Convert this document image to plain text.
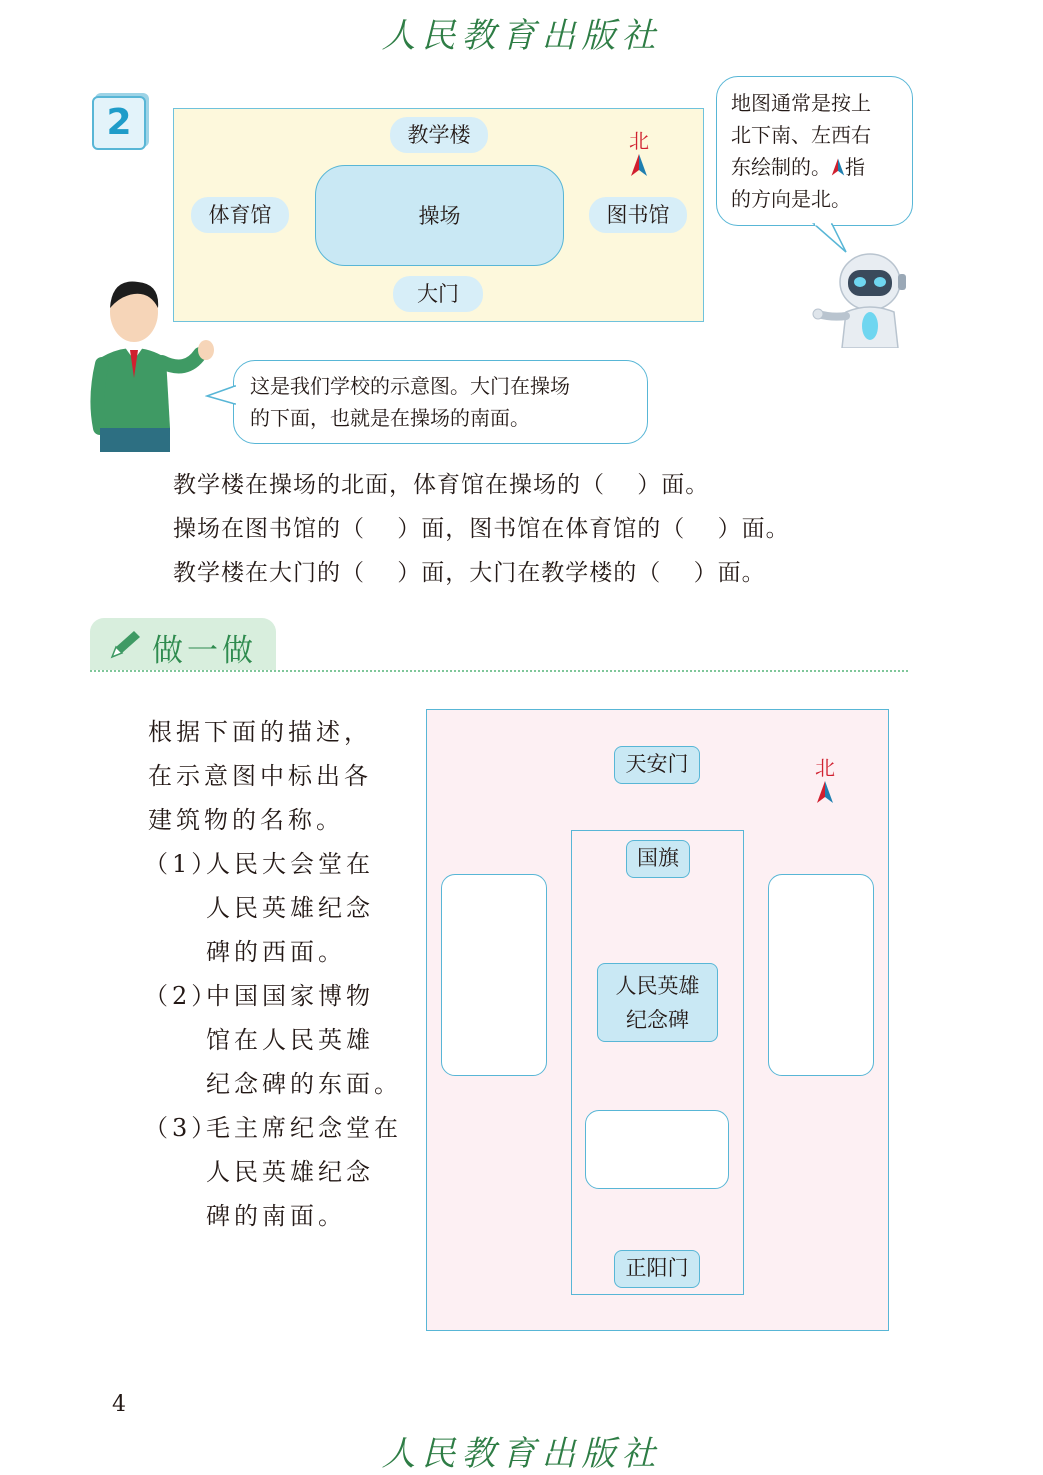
人民教育出版社
2	教学楼
体育馆	操场	图书馆
大门
北
地图通常是按上
北下南、左西右
东绘制的。 指
的方向是北。
这是我们学校的示意图。大门在操场
的下面，也就是在操场的南面。
教学楼在操场的北面，体育馆在操场的（　 ）面。
操场在图书馆的（　 ）面，图书馆在体育馆的（　 ）面。
教学楼在大门的（　 ）面，大门在教学楼的（　 ）面。
做一做
根据下面的描述，
在示意图中标出各
建筑物的名称。
（1）
人民大会堂在
人民英雄纪念
碑的西面。
（2）
中国国家博物
馆在人民英雄
纪念碑的东面。
（3）
毛主席纪念堂在
人民英雄纪念
碑的南面。
天安门	北
国旗
人民英雄
纪念碑
正阳门
4
人民教育出版社
